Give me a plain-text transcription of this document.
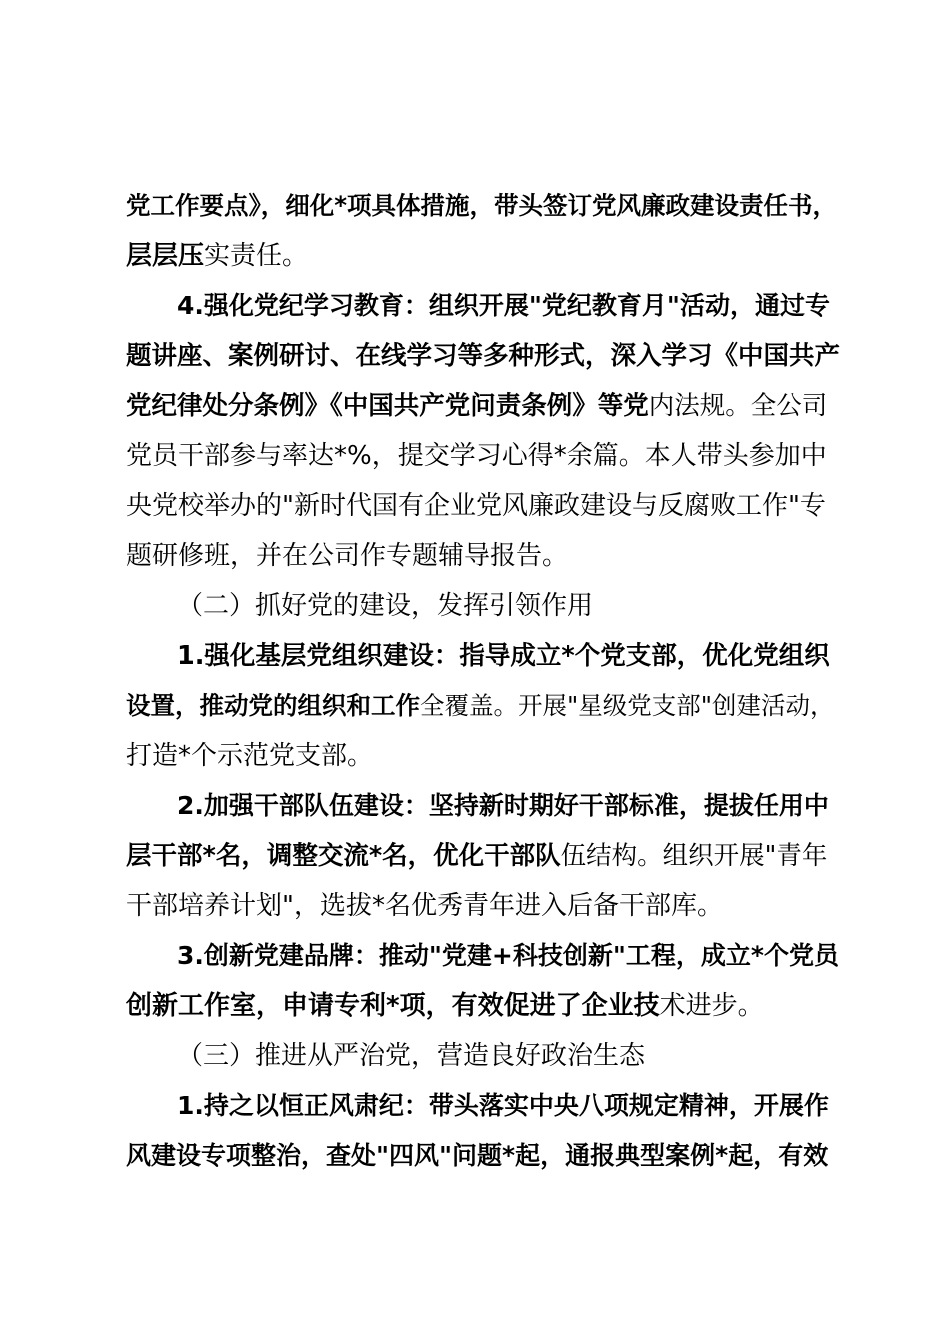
党工作要点》，细化*项具体措施，带头签订党风廉政建设责任书，
层层压实责任。
4.强化党纪学习教育：组织开展"党纪教育月"活动，通过专
题讲座、案例研讨、在线学习等多种形式，深入学习《中国共产
党纪律处分条例》《中国共产党问责条例》等党内法规。全公司
党员干部参与率达*%，提交学习心得*余篇。本人带头参加中
央党校举办的"新时代国有企业党风廉政建设与反腐败工作"专
题研修班，并在公司作专题辅导报告。
（二）抓好党的建设，发挥引领作用
1.强化基层党组织建设：指导成立*个党支部，优化党组织
设置，推动党的组织和工作全覆盖。开展"星级党支部"创建活动，
打造*个示范党支部。
2.加强干部队伍建设：坚持新时期好干部标准，提拔任用中
层干部*名，调整交流*名，优化干部队伍结构。组织开展"青年
干部培养计划"，选拔*名优秀青年进入后备干部库。
3.创新党建品牌：推动"党建+科技创新"工程，成立*个党员
创新工作室，申请专利*项，有效促进了企业技术进步。
（三）推进从严治党，营造良好政治生态
1.持之以恒正风肃纪：带头落实中央八项规定精神，开展作
风建设专项整治，查处"四风"问题*起，通报典型案例*起，有效
